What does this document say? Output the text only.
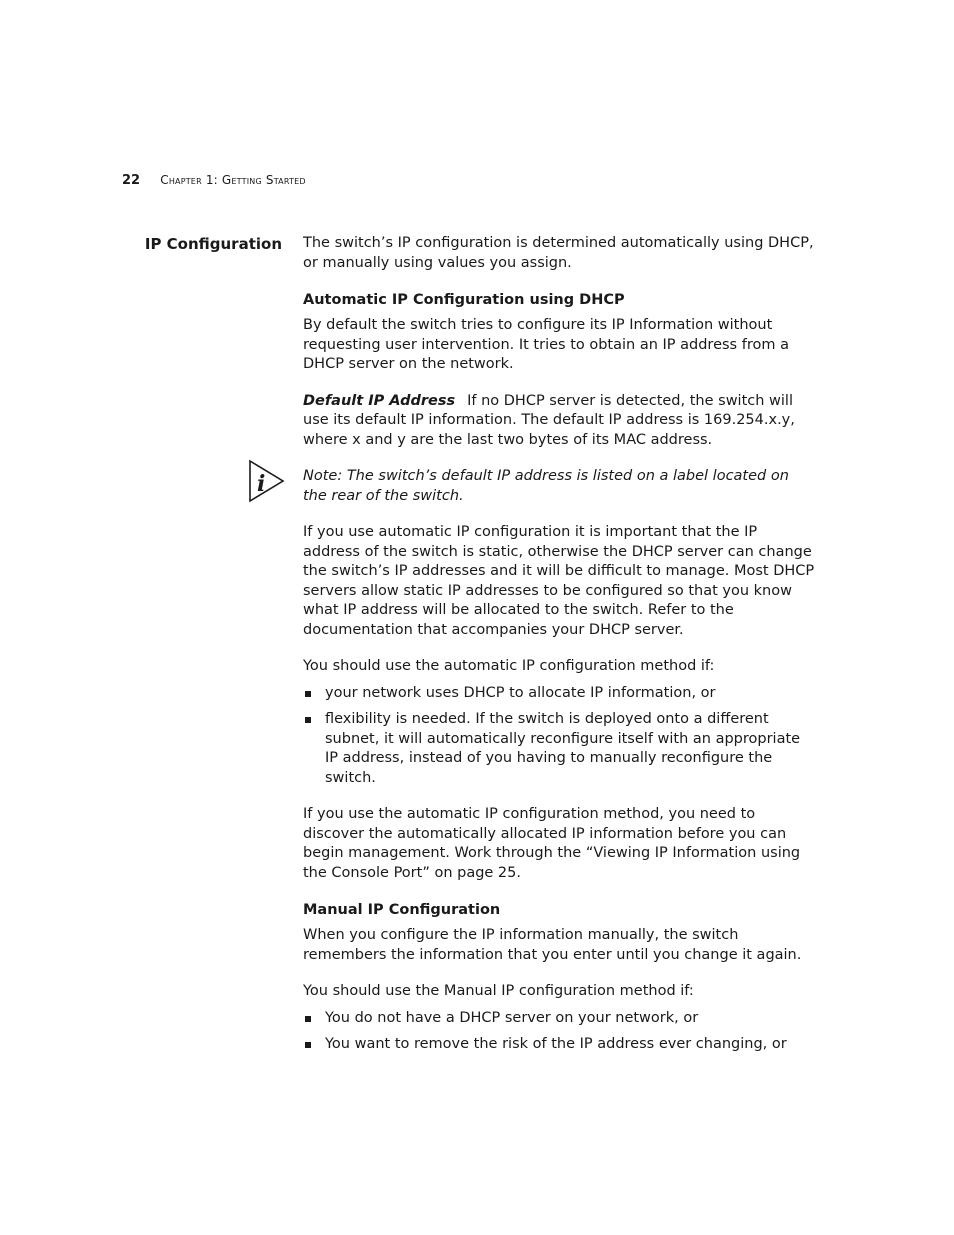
22 Chapter 1: Getting Started
IP Configuration The switch’s IP configuration is determined automatically using DHCP, or manually using values you assign.

Automatic IP Configuration using DHCP

By default the switch tries to configure its IP Information without requesting user intervention. It tries to obtain an IP address from a DHCP server on the network.

Default IP Address If no DHCP server is detected, the switch will use its default IP information. The default IP address is 169.254.x.y, where x and y are the last two bytes of its MAC address.

i	Note: The switch’s default IP address is listed on a label located on the rear of the switch.

If you use automatic IP configuration it is important that the IP address of the switch is static, otherwise the DHCP server can change the switch’s IP addresses and it will be difficult to manage. Most DHCP servers allow static IP addresses to be configured so that you know what IP address will be allocated to the switch. Refer to the documentation that accompanies your DHCP server.

You should use the automatic IP configuration method if:

your network uses DHCP to allocate IP information, or
flexibility is needed. If the switch is deployed onto a different subnet, it will automatically reconfigure itself with an appropriate IP address, instead of you having to manually reconfigure the switch.

If you use the automatic IP configuration method, you need to discover the automatically allocated IP information before you can begin management. Work through the “Viewing IP Information using the Console Port” on page 25.

Manual IP Configuration

When you configure the IP information manually, the switch remembers the information that you enter until you change it again.

You should use the Manual IP configuration method if:

You do not have a DHCP server on your network, or
You want to remove the risk of the IP address ever changing, or
